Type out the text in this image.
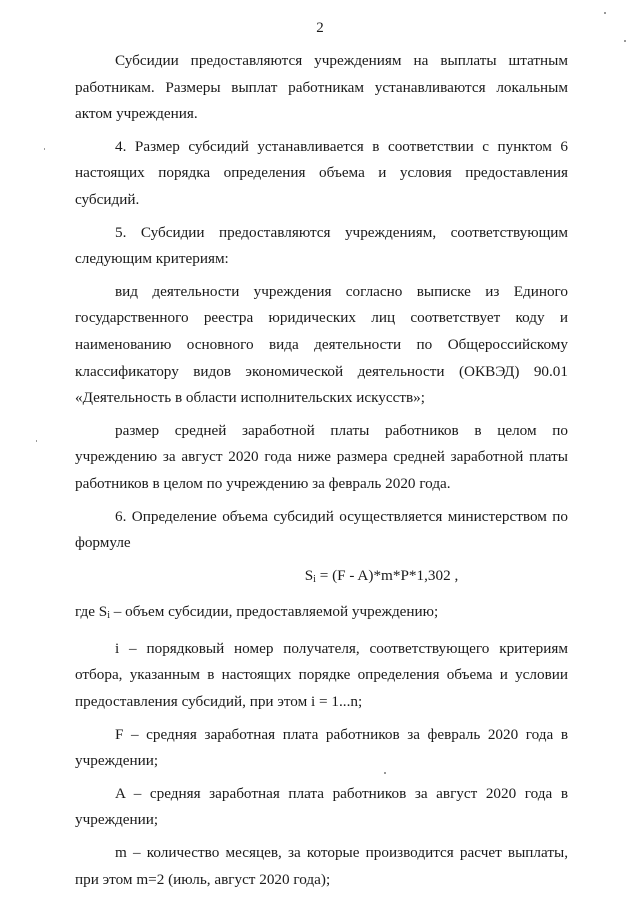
2

Субсидии предоставляются учреждениям на выплаты штатным работникам. Размеры выплат работникам устанавливаются локальным актом учреждения.

4. Размер субсидий устанавливается в соответствии с пунктом 6 настоящих порядка определения объема и условия предоставления субсидий.

5. Субсидии предоставляются учреждениям, соответствующим следующим критериям:

вид деятельности учреждения согласно выписке из Единого государственного реестра юридических лиц соответствует коду и наименованию основного вида деятельности по Общероссийскому классификатору видов экономической деятельности (ОКВЭД) 90.01 «Деятельность в области исполнительских искусств»;

размер средней заработной платы работников в целом по учреждению за август 2020 года ниже размера средней заработной платы работников в целом по учреждению за февраль 2020 года.

6. Определение объема субсидий осуществляется министерством по формуле

$S_i = (F - A)*m*P*1,302$ ,

где $S_i$ – объем субсидии, предоставляемой учреждению;

i – порядковый номер получателя, соответствующего критериям отбора, указанным в настоящих порядке определения объема и условии предоставления субсидий, при этом i = 1...n;

F – средняя заработная плата работников за февраль 2020 года в учреждении;

A – средняя заработная плата работников за август 2020 года в учреждении;

m – количество месяцев, за которые производится расчет выплаты, при этом m=2 (июль, август 2020 года);
